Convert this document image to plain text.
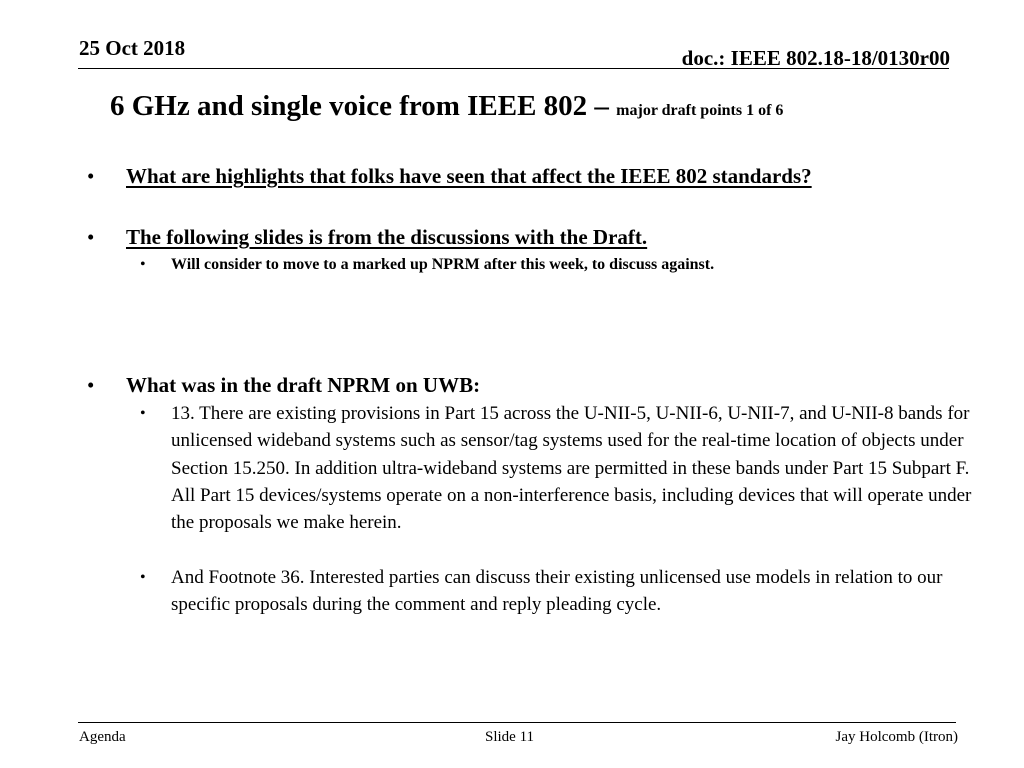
25 Oct 2018	doc.: IEEE 802.18-18/0130r00
6 GHz and single voice from IEEE 802 – major draft points 1 of 6
• What are highlights that folks have seen that affect the IEEE 802 standards?
• The following slides is from the discussions with the Draft.
• Will consider to move to a marked up NPRM after this week, to discuss against.
• What was in the draft NPRM on UWB:
• 13. There are existing provisions in Part 15 across the U-NII-5, U-NII-6, U-NII-7, and U-NII-8 bands for unlicensed wideband systems such as sensor/tag systems used for the real-time location of objects under Section 15.250. In addition ultra-wideband systems are permitted in these bands under Part 15 Subpart F. All Part 15 devices/systems operate on a non-interference basis, including devices that will operate under the proposals we make herein.
• And Footnote 36. Interested parties can discuss their existing unlicensed use models in relation to our specific proposals during the comment and reply pleading cycle.
Agenda	Slide 11	Jay Holcomb (Itron)
